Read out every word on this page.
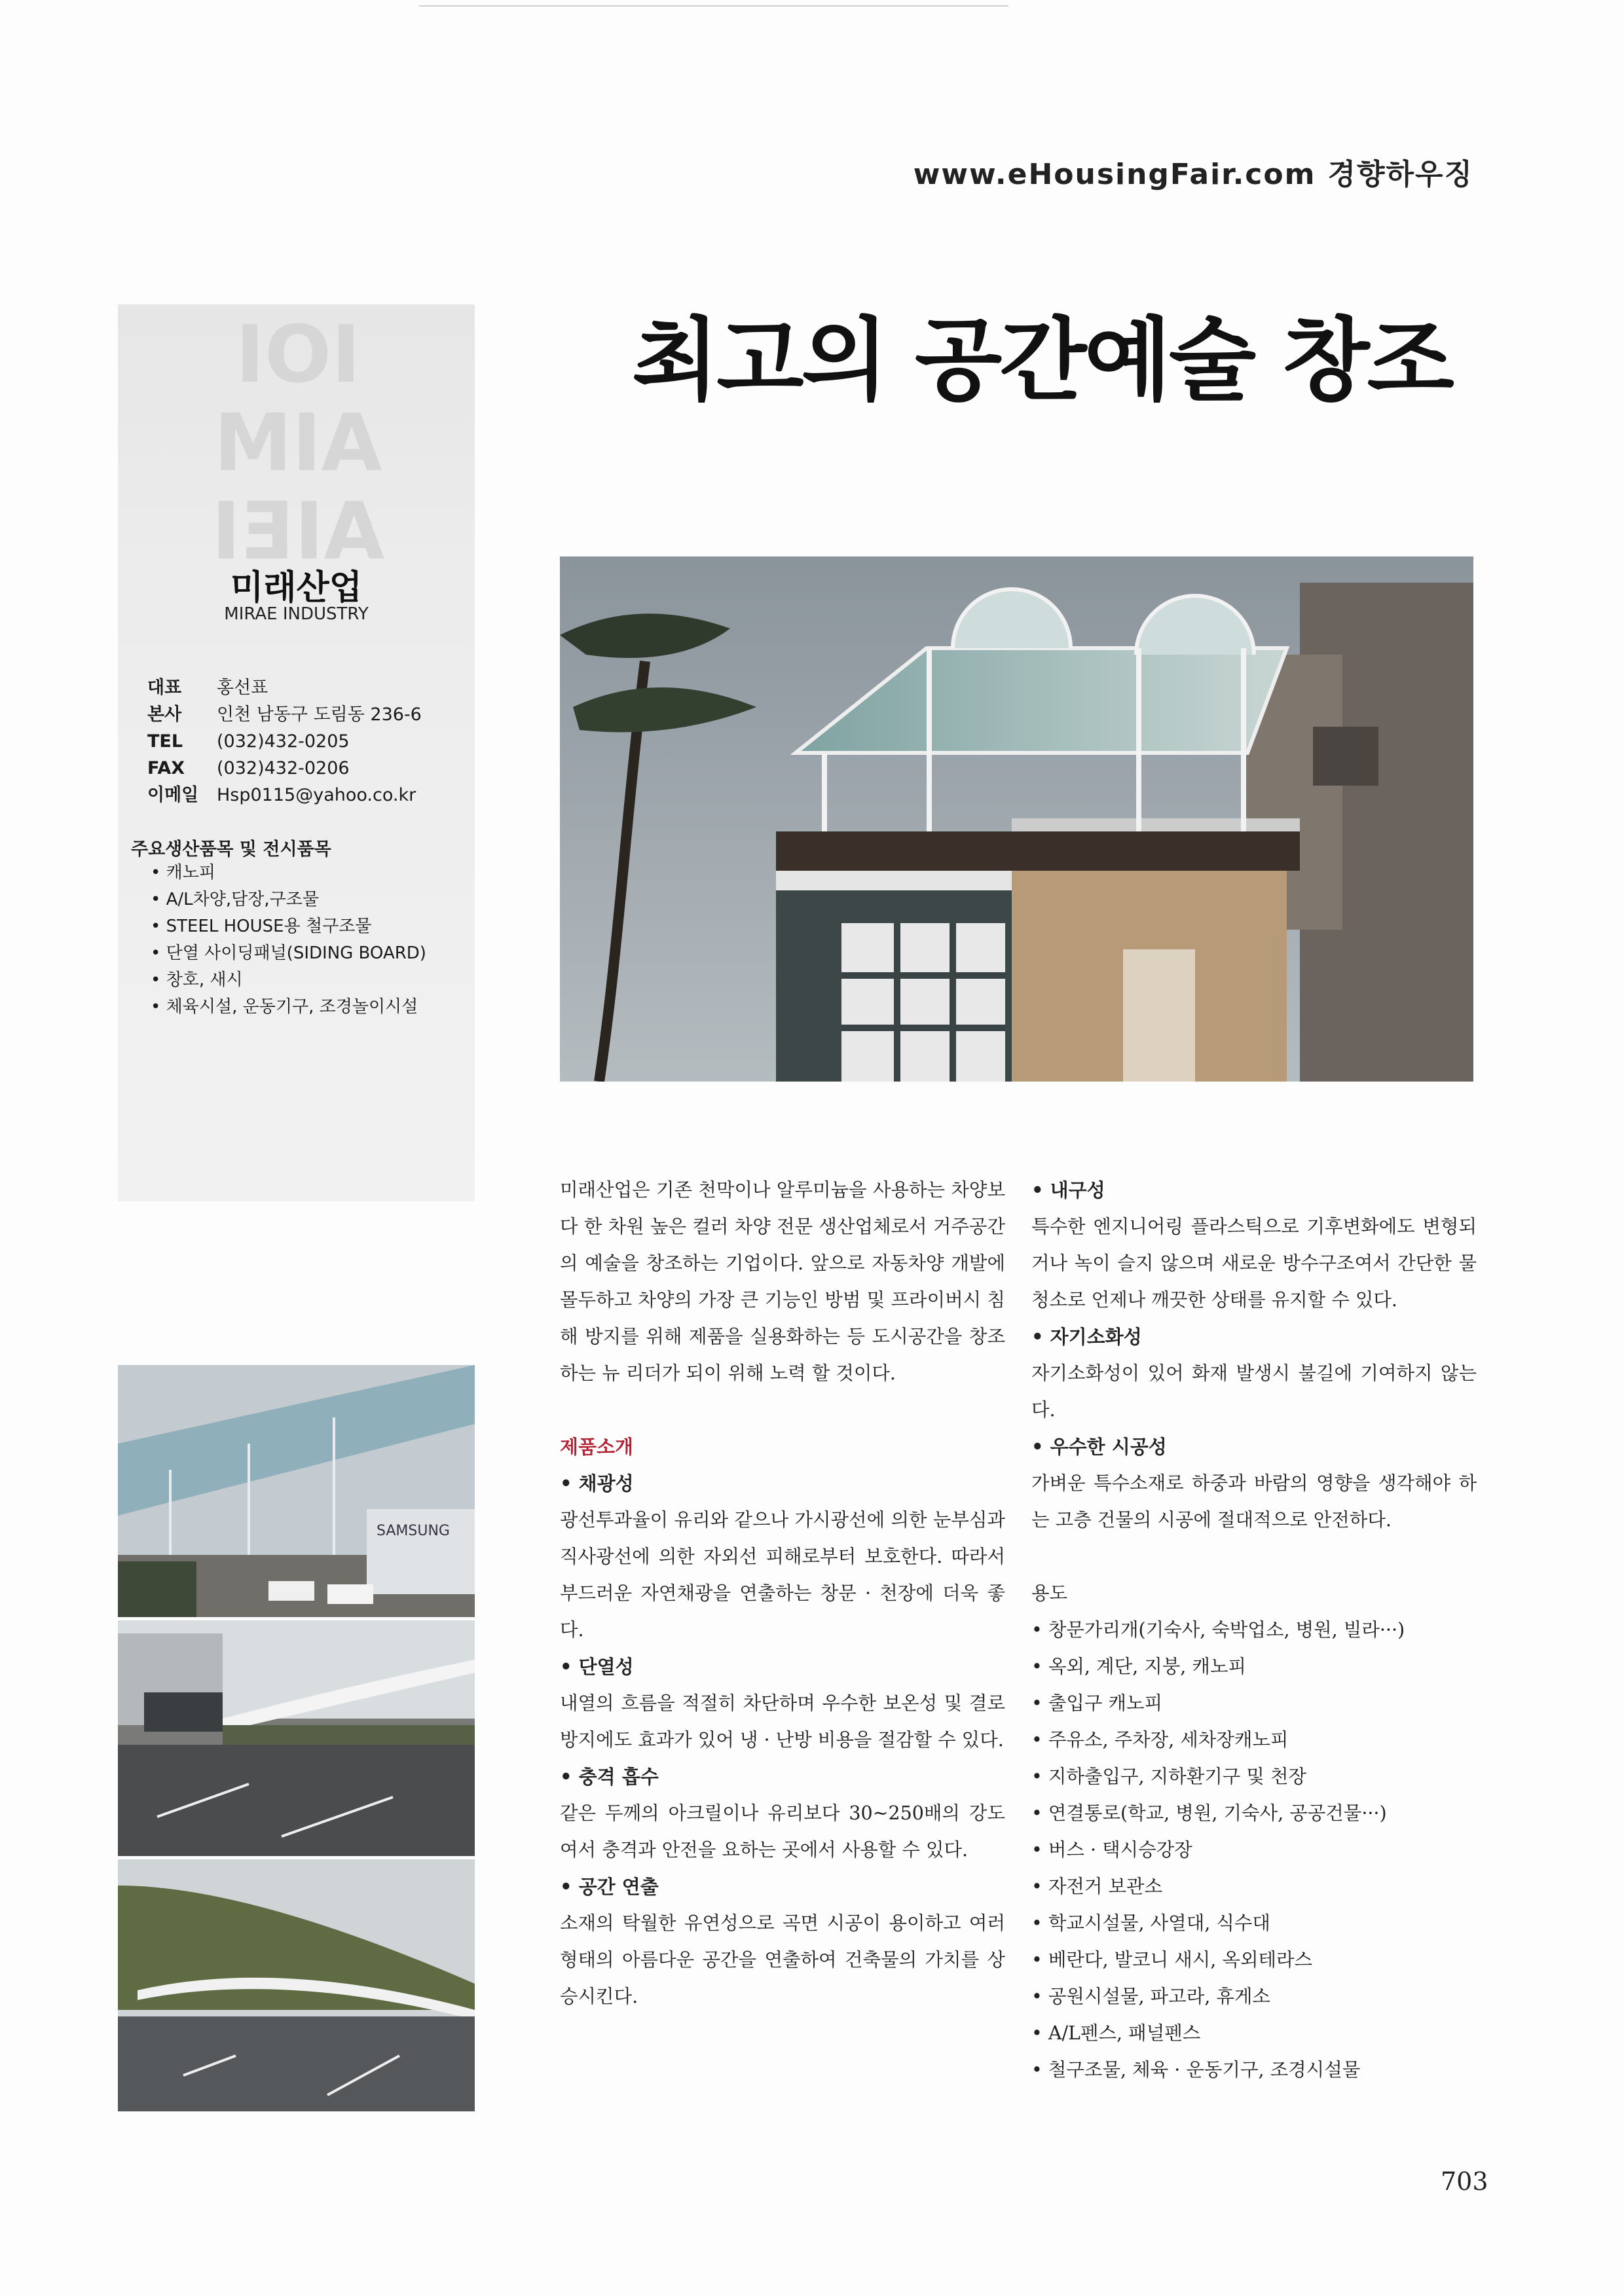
www.eHousingFair.com 경향하우징
최고의 공간예술 창조
IOI AIM
AIEI
미래산업
MIRAE INDUSTRY
대표	홍선표
본사	인천 남동구 도림동 236-6
TEL	(032)432-0205
FAX	(032)432-0206
이메일	Hsp0115@yahoo.co.kr
주요생산품목 및 전시품목
• 캐노피
• A/L차양,담장,구조물
• STEEL HOUSE용 철구조물
• 단열 사이딩패널(SIDING BOARD)
• 창호, 새시
• 체육시설, 운동기구, 조경놀이시설
SAMSUNG

미래산업은 기존 천막이나 알루미늄을 사용하는 차양보다 한 차원 높은 컬러 차양 전문 생산업체로서 거주공간의 예술을 창조하는 기업이다. 앞으로 자동차양 개발에 몰두하고 차양의 가장 큰 기능인 방범 및 프라이버시 침해 방지를 위해 제품을 실용화하는 등 도시공간을 창조하는 뉴 리더가 되이 위해 노력 할 것이다.

제품소개
• 채광성

광선투과율이 유리와 같으나 가시광선에 의한 눈부심과 직사광선에 의한 자외선 피해로부터 보호한다. 따라서 부드러운 자연채광을 연출하는 창문 · 천장에 더욱 좋다.

• 단열성

내열의 흐름을 적절히 차단하며 우수한 보온성 및 결로방지에도 효과가 있어 냉 · 난방 비용을 절감할 수 있다.

• 충격 흡수

같은 두께의 아크릴이나 유리보다 30~250배의 강도여서 충격과 안전을 요하는 곳에서 사용할 수 있다.

• 공간 연출

소재의 탁월한 유연성으로 곡면 시공이 용이하고 여러 형태의 아름다운 공간을 연출하여 건축물의 가치를 상승시킨다.

• 내구성

특수한 엔지니어링 플라스틱으로 기후변화에도 변형되거나 녹이 슬지 않으며 새로운 방수구조여서 간단한 물청소로 언제나 깨끗한 상태를 유지할 수 있다.

• 자기소화성

자기소화성이 있어 화재 발생시 불길에 기여하지 않는다.

• 우수한 시공성

가벼운 특수소재로 하중과 바람의 영향을 생각해야 하는 고층 건물의 시공에 절대적으로 안전하다.

용도
• 창문가리개(기숙사, 숙박업소, 병원, 빌라···)
• 옥외, 계단, 지붕, 캐노피
• 출입구 캐노피
• 주유소, 주차장, 세차장캐노피
• 지하출입구, 지하환기구 및 천장
• 연결통로(학교, 병원, 기숙사, 공공건물···)
• 버스 · 택시승강장
• 자전거 보관소
• 학교시설물, 사열대, 식수대
• 베란다, 발코니 새시, 옥외테라스
• 공원시설물, 파고라, 휴게소
• A/L펜스, 패널펜스
• 철구조물, 체육 · 운동기구, 조경시설물
703
